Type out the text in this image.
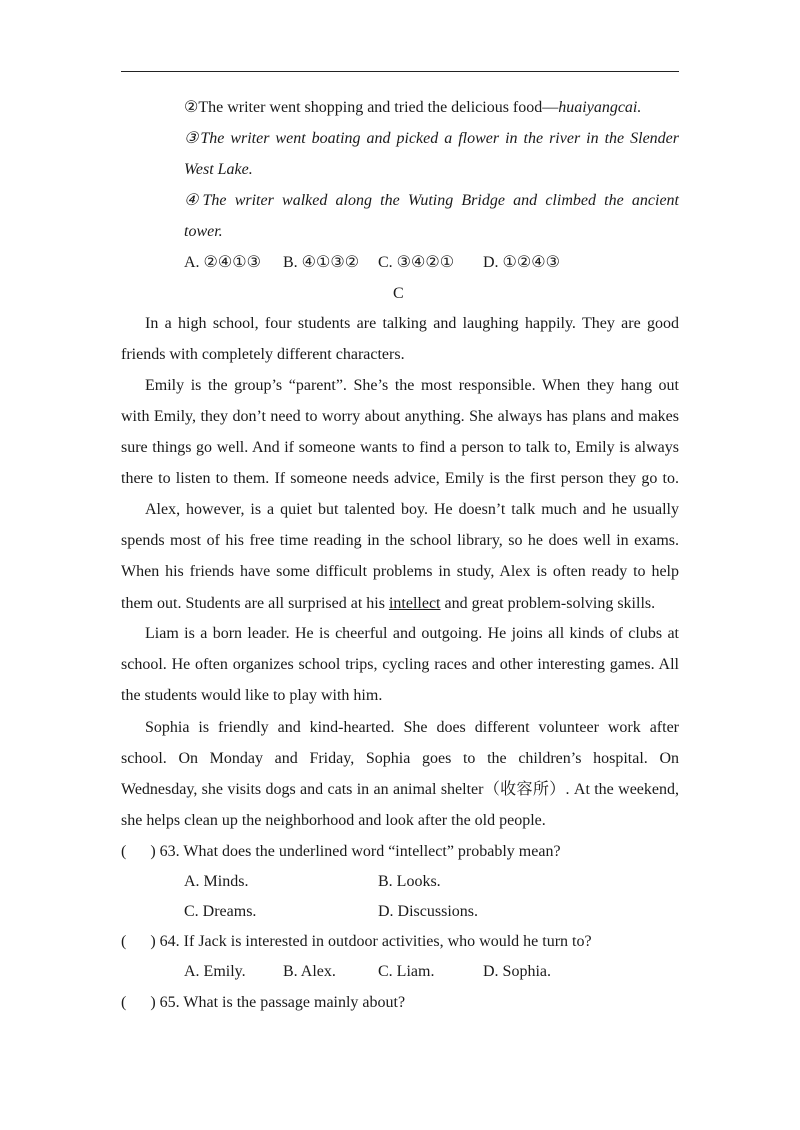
②The writer went shopping and tried the delicious food—huaiyangcai.
③The writer went boating and picked a flower in the river in the Slender
West Lake.
④The writer walked along the Wuting Bridge and climbed the ancient
tower.
A. ②④①③ B. ④①③② C. ③④②① D. ①②④③
C
In a high school, four students are talking and laughing happily. They are good
friends with completely different characters.
Emily is the group’s “parent”. She’s the most responsible. When they hang out
with Emily, they don’t need to worry about anything. She always has plans and makes
sure things go well. And if someone wants to find a person to talk to, Emily is always
there to listen to them. If someone needs advice, Emily is the first person they go to.
Alex, however, is a quiet but talented boy. He doesn’t talk much and he usually
spends most of his free time reading in the school library, so he does well in exams.
When his friends have some difficult problems in study, Alex is often ready to help
them out. Students are all surprised at his intellect and great problem-solving skills.
Liam is a born leader. He is cheerful and outgoing. He joins all kinds of clubs at
school. He often organizes school trips, cycling races and other interesting games. All
the students would like to play with him.
Sophia is friendly and kind-hearted. She does different volunteer work after
school. On Monday and Friday, Sophia goes to the children’s hospital. On
Wednesday, she visits dogs and cats in an animal shelter（收容所）. At the weekend,
she helps clean up the neighborhood and look after the old people.
(      ) 63. What does the underlined word “intellect” probably mean?
A. Minds.	B. Looks.
C. Dreams.	D. Discussions.
(      ) 64. If Jack is interested in outdoor activities, who would he turn to?
A. Emily. B. Alex.	C. Liam.	D. Sophia.
(      ) 65. What is the passage mainly about?
